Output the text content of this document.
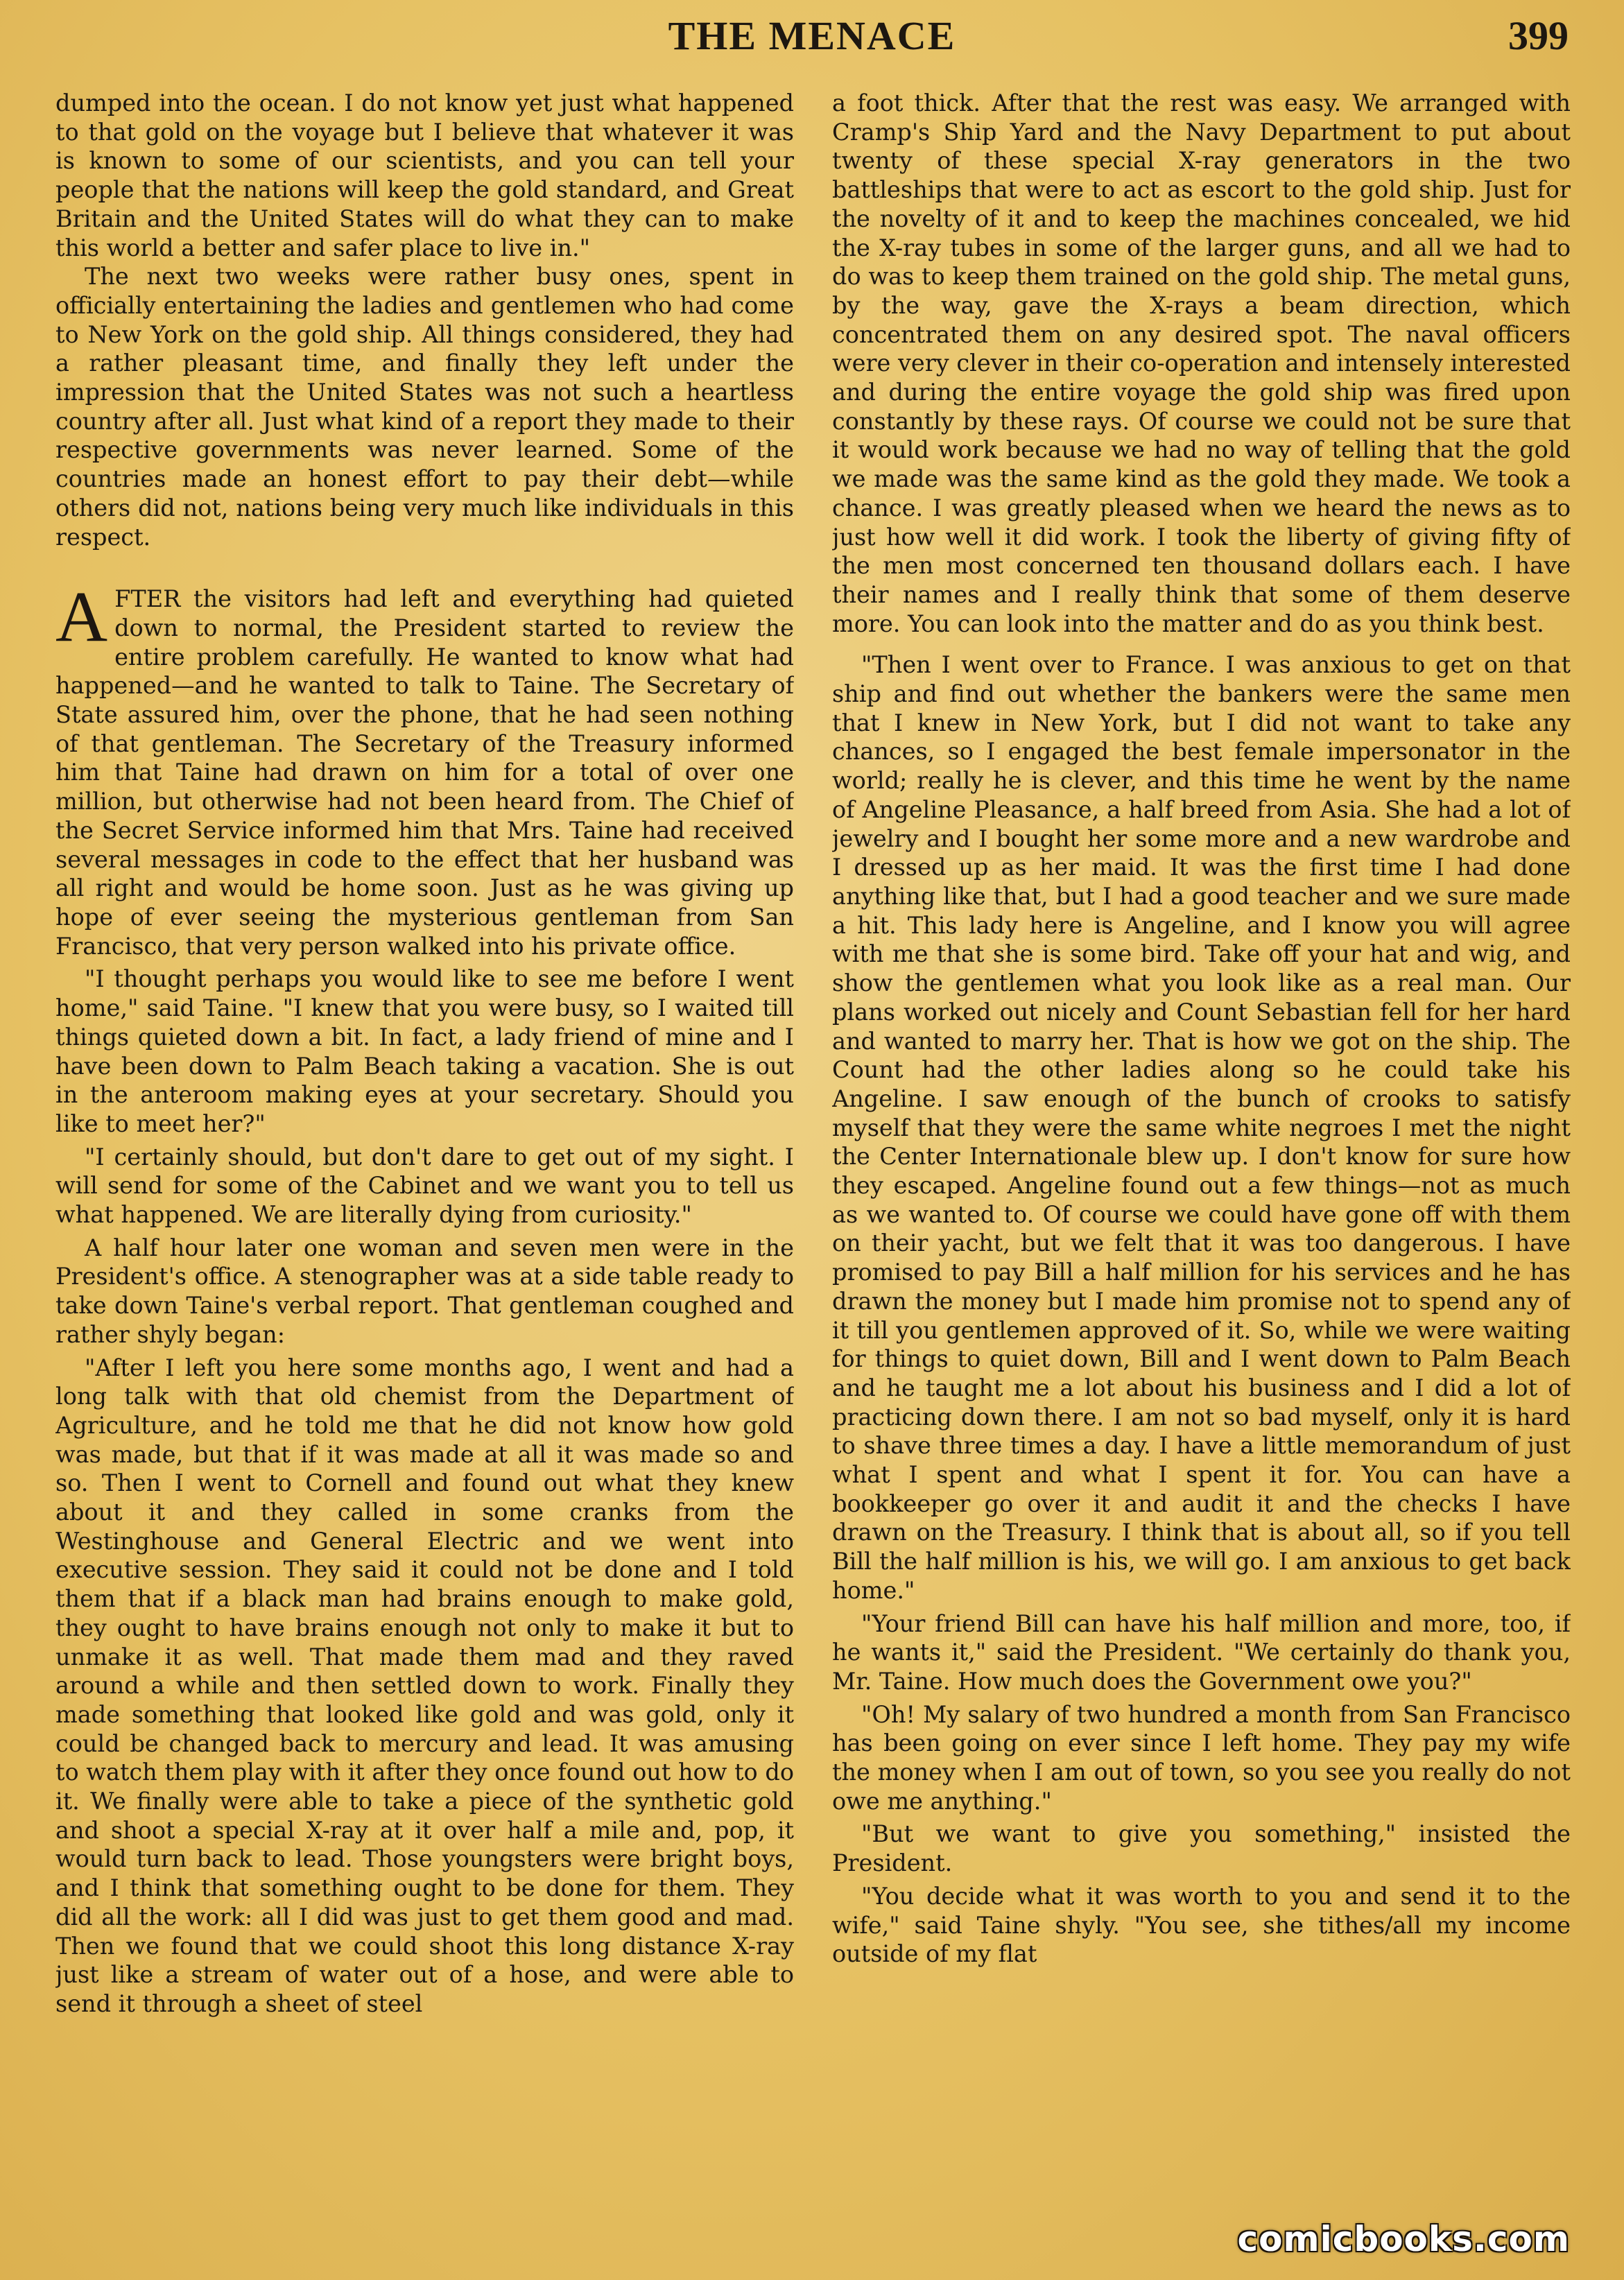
THE MENACE	399

dumped into the ocean. I do not know yet just what happened to that gold on the voyage but I believe that whatever it was is known to some of our scientists, and you can tell your people that the nations will keep the gold standard, and Great Britain and the United States will do what they can to make this world a better and safer place to live in."

The next two weeks were rather busy ones, spent in officially entertaining the ladies and gentlemen who had come to New York on the gold ship. All things considered, they had a rather pleasant time, and finally they left under the impression that the United States was not such a heartless country after all. Just what kind of a report they made to their respective governments was never learned. Some of the countries made an honest effort to pay their debt—while others did not, nations being very much like individuals in this respect.

AFTER the visitors had left and everything had quieted down to normal, the President started to review the entire problem carefully. He wanted to know what had happened—and he wanted to talk to Taine. The Secretary of State assured him, over the phone, that he had seen nothing of that gentleman. The Secretary of the Treasury informed him that Taine had drawn on him for a total of over one million, but otherwise had not been heard from. The Chief of the Secret Service informed him that Mrs. Taine had received several messages in code to the effect that her husband was all right and would be home soon. Just as he was giving up hope of ever seeing the mysterious gentleman from San Francisco, that very person walked into his private office.

"I thought perhaps you would like to see me before I went home," said Taine. "I knew that you were busy, so I waited till things quieted down a bit. In fact, a lady friend of mine and I have been down to Palm Beach taking a vacation. She is out in the anteroom making eyes at your secretary. Should you like to meet her?"

"I certainly should, but don't dare to get out of my sight. I will send for some of the Cabinet and we want you to tell us what happened. We are literally dying from curiosity."

A half hour later one woman and seven men were in the President's office. A stenographer was at a side table ready to take down Taine's verbal report. That gentleman coughed and rather shyly began:

"After I left you here some months ago, I went and had a long talk with that old chemist from the Department of Agriculture, and he told me that he did not know how gold was made, but that if it was made at all it was made so and so. Then I went to Cornell and found out what they knew about it and they called in some cranks from the Westinghouse and General Electric and we went into executive session. They said it could not be done and I told them that if a black man had brains enough to make gold, they ought to have brains enough not only to make it but to unmake it as well. That made them mad and they raved around a while and then settled down to work. Finally they made something that looked like gold and was gold, only it could be changed back to mercury and lead. It was amusing to watch them play with it after they once found out how to do it. We finally were able to take a piece of the synthetic gold and shoot a special X-ray at it over half a mile and, pop, it would turn back to lead. Those youngsters were bright boys, and I think that something ought to be done for them. They did all the work: all I did was just to get them good and mad. Then we found that we could shoot this long distance X-ray just like a stream of water out of a hose, and were able to send it through a sheet of steel

a foot thick. After that the rest was easy. We arranged with Cramp's Ship Yard and the Navy Department to put about twenty of these special X-ray generators in the two battleships that were to act as escort to the gold ship. Just for the novelty of it and to keep the machines concealed, we hid the X-ray tubes in some of the larger guns, and all we had to do was to keep them trained on the gold ship. The metal guns, by the way, gave the X-rays a beam direction, which concentrated them on any desired spot. The naval officers were very clever in their co-operation and intensely interested and during the entire voyage the gold ship was fired upon constantly by these rays. Of course we could not be sure that it would work because we had no way of telling that the gold we made was the same kind as the gold they made. We took a chance. I was greatly pleased when we heard the news as to just how well it did work. I took the liberty of giving fifty of the men most concerned ten thousand dollars each. I have their names and I really think that some of them deserve more. You can look into the matter and do as you think best.

"Then I went over to France. I was anxious to get on that ship and find out whether the bankers were the same men that I knew in New York, but I did not want to take any chances, so I engaged the best female impersonator in the world; really he is clever, and this time he went by the name of Angeline Pleasance, a half breed from Asia. She had a lot of jewelry and I bought her some more and a new wardrobe and I dressed up as her maid. It was the first time I had done anything like that, but I had a good teacher and we sure made a hit. This lady here is Angeline, and I know you will agree with me that she is some bird. Take off your hat and wig, and show the gentlemen what you look like as a real man. Our plans worked out nicely and Count Sebastian fell for her hard and wanted to marry her. That is how we got on the ship. The Count had the other ladies along so he could take his Angeline. I saw enough of the bunch of crooks to satisfy myself that they were the same white negroes I met the night the Center Internationale blew up. I don't know for sure how they escaped. Angeline found out a few things—not as much as we wanted to. Of course we could have gone off with them on their yacht, but we felt that it was too dangerous. I have promised to pay Bill a half million for his services and he has drawn the money but I made him promise not to spend any of it till you gentlemen approved of it. So, while we were waiting for things to quiet down, Bill and I went down to Palm Beach and he taught me a lot about his business and I did a lot of practicing down there. I am not so bad myself, only it is hard to shave three times a day. I have a little memorandum of just what I spent and what I spent it for. You can have a bookkeeper go over it and audit it and the checks I have drawn on the Treasury. I think that is about all, so if you tell Bill the half million is his, we will go. I am anxious to get back home."

"Your friend Bill can have his half million and more, too, if he wants it," said the President. "We certainly do thank you, Mr. Taine. How much does the Government owe you?"

"Oh! My salary of two hundred a month from San Francisco has been going on ever since I left home. They pay my wife the money when I am out of town, so you see you really do not owe me anything."

"But we want to give you something," insisted the President.

"You decide what it was worth to you and send it to the wife," said Taine shyly. "You see, she tithes/all my income outside of my flat

comicbooks.com
